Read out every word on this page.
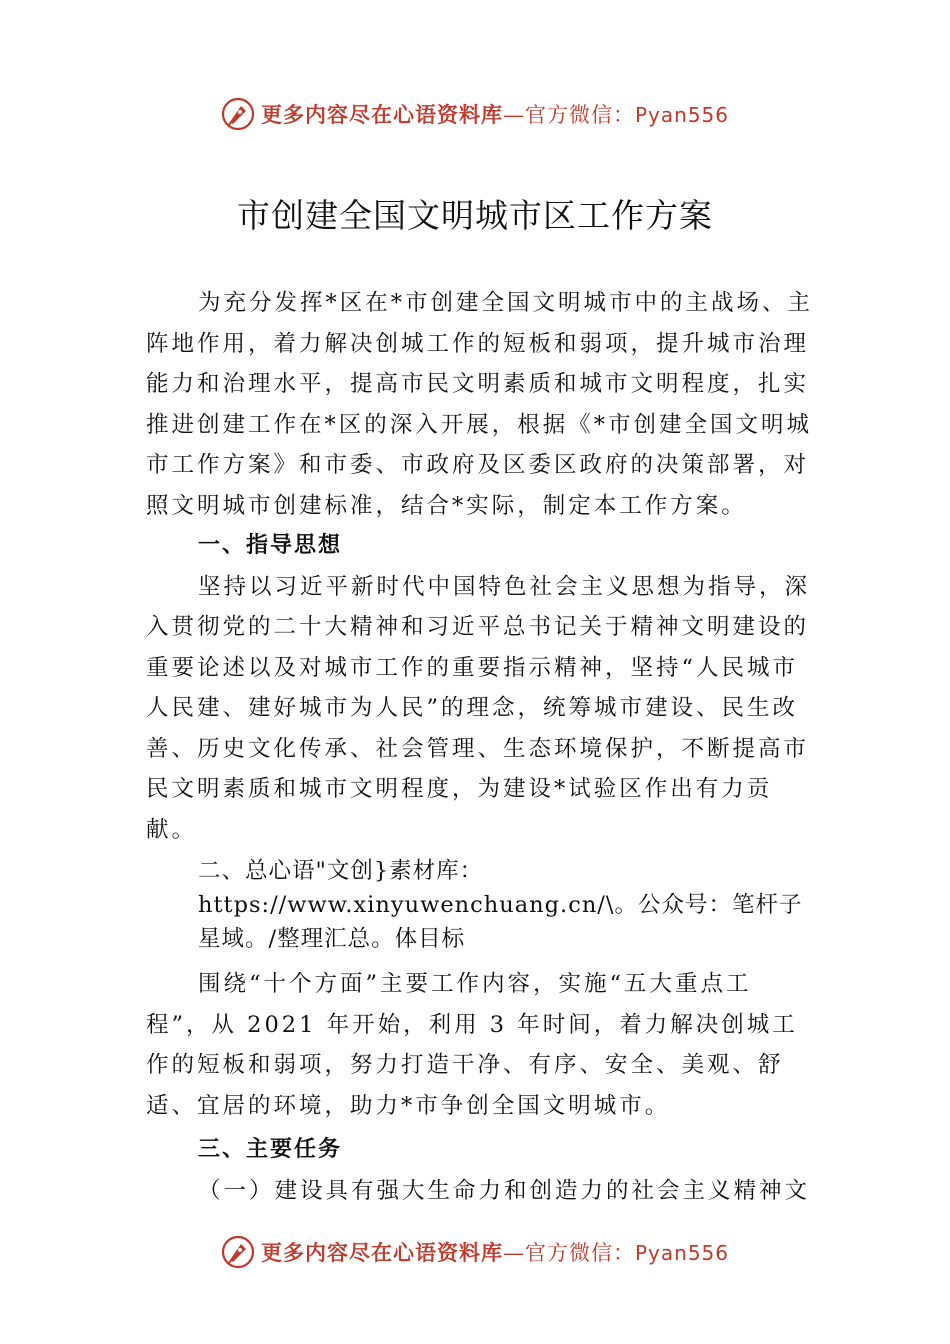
更多内容尽在心语资料库—官方微信：Pyan556
市创建全国文明城市区工作方案

为充分发挥*区在*市创建全国文明城市中的主战场、主阵地作用，着力解决创城工作的短板和弱项，提升城市治理能力和治理水平，提高市民文明素质和城市文明程度，扎实推进创建工作在*区的深入开展，根据《*市创建全国文明城市工作方案》和市委、市政府及区委区政府的决策部署，对照文明城市创建标准，结合*实际，制定本工作方案。

一、指导思想

坚持以习近平新时代中国特色社会主义思想为指导，深入贯彻党的二十大精神和习近平总书记关于精神文明建设的重要论述以及对城市工作的重要指示精神，坚持“人民城市人民建、建好城市为人民”的理念，统筹城市建设、民生改善、历史文化传承、社会管理、生态环境保护，不断提高市民文明素质和城市文明程度，为建设*试验区作出有力贡献。

二、总心语"文创}素材库：https://www.xinyuwenchuang.cn/\。公众号：笔杆子星域。/整理汇总。体目标

围绕“十个方面”主要工作内容，实施“五大重点工程”，从 2021 年开始，利用 3 年时间，着力解决创城工作的短板和弱项，努力打造干净、有序、安全、美观、舒适、宜居的环境，助力*市争创全国文明城市。

三、主要任务

（一）建设具有强大生命力和创造力的社会主义精神文

更多内容尽在心语资料库—官方微信：Pyan556
